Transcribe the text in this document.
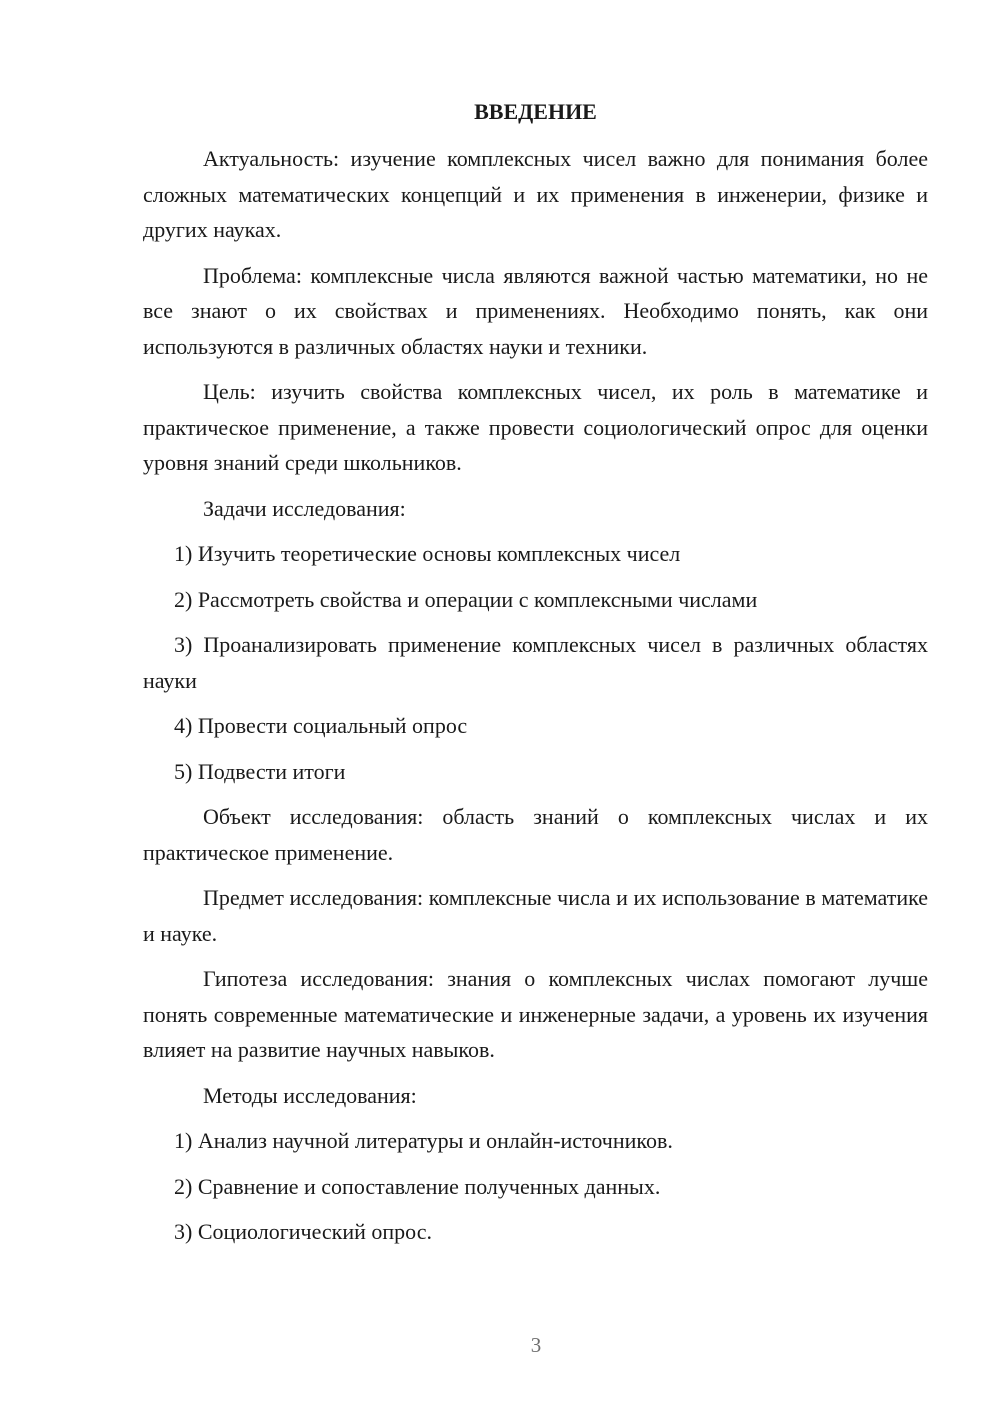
ВВЕДЕНИЕ

Актуальность: изучение комплексных чисел важно для понимания более сложных математических концепций и их применения в инженерии, физике и других науках.

Проблема: комплексные числа являются важной частью математики, но не все знают о их свойствах и применениях. Необходимо понять, как они используются в различных областях науки и техники.

Цель: изучить свойства комплексных чисел, их роль в математике и практическое применение, а также провести социологический опрос для оценки уровня знаний среди школьников.

Задачи исследования:

1) Изучить теоретические основы комплексных чисел

2) Рассмотреть свойства и операции с комплексными числами

3) Проанализировать применение комплексных чисел в различных областях науки

4) Провести социальный опрос

5) Подвести итоги

Объект исследования: область знаний о комплексных числах и их практическое применение.

Предмет исследования: комплексные числа и их использование в математике и науке.

Гипотеза исследования: знания о комплексных числах помогают лучше понять современные математические и инженерные задачи, а уровень их изучения влияет на развитие научных навыков.

Методы исследования:

1) Анализ научной литературы и онлайн-источников.

2) Сравнение и сопоставление полученных данных.

3) Социологический опрос.

3
